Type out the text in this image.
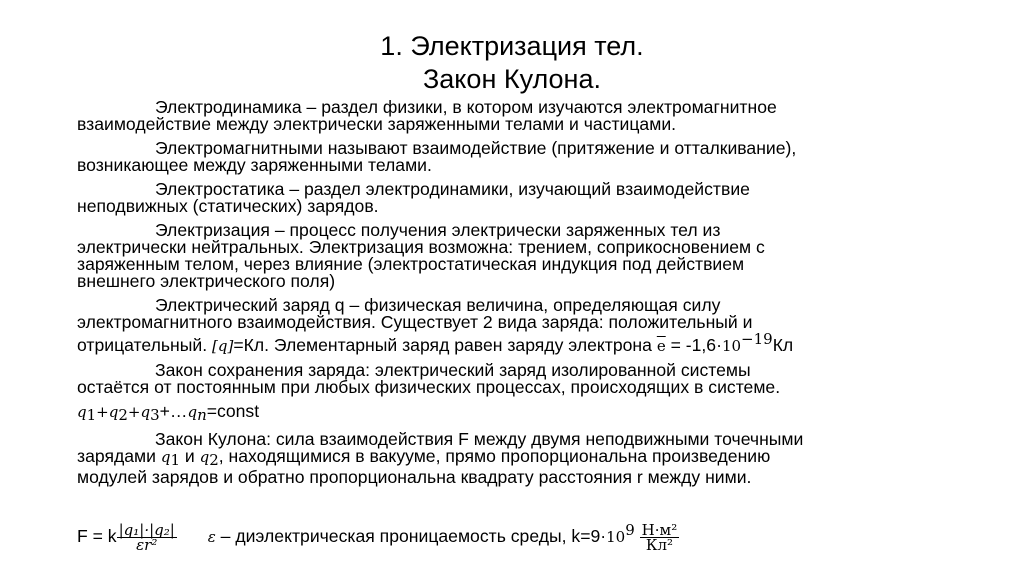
1. Электризация тел.
Закон Кулона.
Электродинамика – раздел физики, в котором изучаются электромагнитное
взаимодействие между электрически заряженными телами и частицами.
Электромагнитными называют взаимодействие (притяжение и отталкивание),
возникающее между заряженными телами.
Электростатика – раздел электродинамики, изучающий взаимодействие
неподвижных (статических) зарядов.
Электризация – процесс получения электрически заряженных тел из
электрически нейтральных. Электризация возможна: трением, соприкосновением с
заряженным телом, через влияние (электростатическая индукция под действием
внешнего электрического поля)
Электрический заряд q – физическая величина, определяющая силу
электромагнитного взаимодействия. Существует 2 вида заряда: положительный и
отрицательный. [q]=Кл. Элементарный заряд равен заряду электрона $\overline{e} = -1,6\cdot 10^{-19}Кл$
Закон сохранения заряда: электрический заряд изолированной системы
остаётся от постоянным при любых физических процессах, происходящих в системе.
$q_1+q_2+q_3+\dots q_n=const$
Закон Кулона: сила взаимодействия F между двумя неподвижными точечными
зарядами $q_1$ и $q_2$, находящимися в вакууме, прямо пропорциональна произведению
модулей зарядов и обратно пропорциональна квадрату расстояния r между ними.
F = k $\frac{\text{|q₁|·|q₂|}}{\text{εr²}}$ ε – диэлектрическая проницаемость среды, $k=9\cdot 10^9 \frac{\text{Н·м²}}{\text{Кл²}}$
